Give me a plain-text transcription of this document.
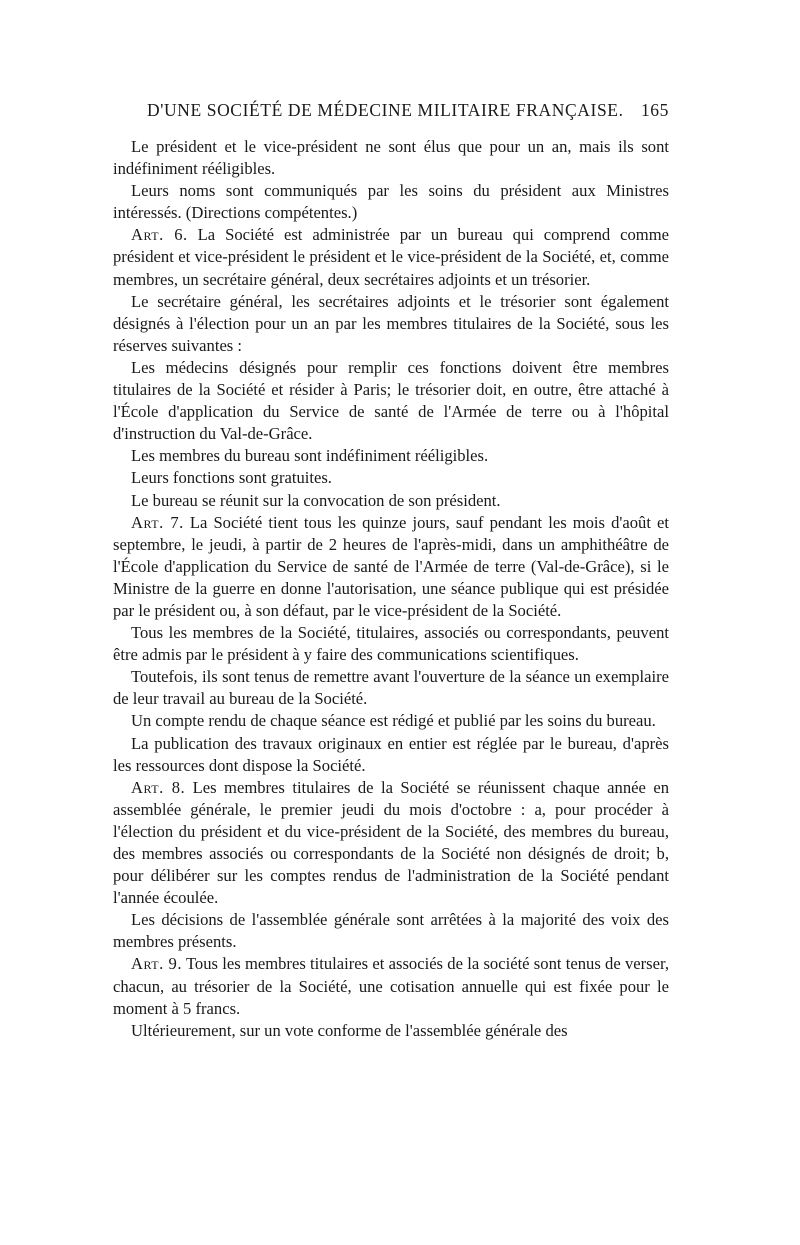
D'UNE SOCIÉTÉ DE MÉDECINE MILITAIRE FRANÇAISE. 165

Le président et le vice-président ne sont élus que pour un an, mais ils sont indéfiniment rééligibles.

Leurs noms sont communiqués par les soins du président aux Ministres intéressés. (Directions compétentes.)

Art. 6. La Société est administrée par un bureau qui comprend comme président et vice-président le président et le vice-président de la Société, et, comme membres, un secrétaire général, deux secrétaires adjoints et un trésorier.

Le secrétaire général, les secrétaires adjoints et le trésorier sont également désignés à l'élection pour un an par les membres titulaires de la Société, sous les réserves suivantes :

Les médecins désignés pour remplir ces fonctions doivent être membres titulaires de la Société et résider à Paris; le trésorier doit, en outre, être attaché à l'École d'application du Service de santé de l'Armée de terre ou à l'hôpital d'instruction du Val-de-Grâce.

Les membres du bureau sont indéfiniment rééligibles.

Leurs fonctions sont gratuites.

Le bureau se réunit sur la convocation de son président.

Art. 7. La Société tient tous les quinze jours, sauf pendant les mois d'août et septembre, le jeudi, à partir de 2 heures de l'après-midi, dans un amphithéâtre de l'École d'application du Service de santé de l'Armée de terre (Val-de-Grâce), si le Ministre de la guerre en donne l'autorisation, une séance publique qui est présidée par le président ou, à son défaut, par le vice-président de la Société.

Tous les membres de la Société, titulaires, associés ou correspondants, peuvent être admis par le président à y faire des communications scientifiques.

Toutefois, ils sont tenus de remettre avant l'ouverture de la séance un exemplaire de leur travail au bureau de la Société.

Un compte rendu de chaque séance est rédigé et publié par les soins du bureau.

La publication des travaux originaux en entier est réglée par le bureau, d'après les ressources dont dispose la Société.

Art. 8. Les membres titulaires de la Société se réunissent chaque année en assemblée générale, le premier jeudi du mois d'octobre : a, pour procéder à l'élection du président et du vice-président de la Société, des membres du bureau, des membres associés ou correspondants de la Société non désignés de droit; b, pour délibérer sur les comptes rendus de l'administration de la Société pendant l'année écoulée.

Les décisions de l'assemblée générale sont arrêtées à la majorité des voix des membres présents.

Art. 9. Tous les membres titulaires et associés de la société sont tenus de verser, chacun, au trésorier de la Société, une cotisation annuelle qui est fixée pour le moment à 5 francs.

Ultérieurement, sur un vote conforme de l'assemblée générale des
